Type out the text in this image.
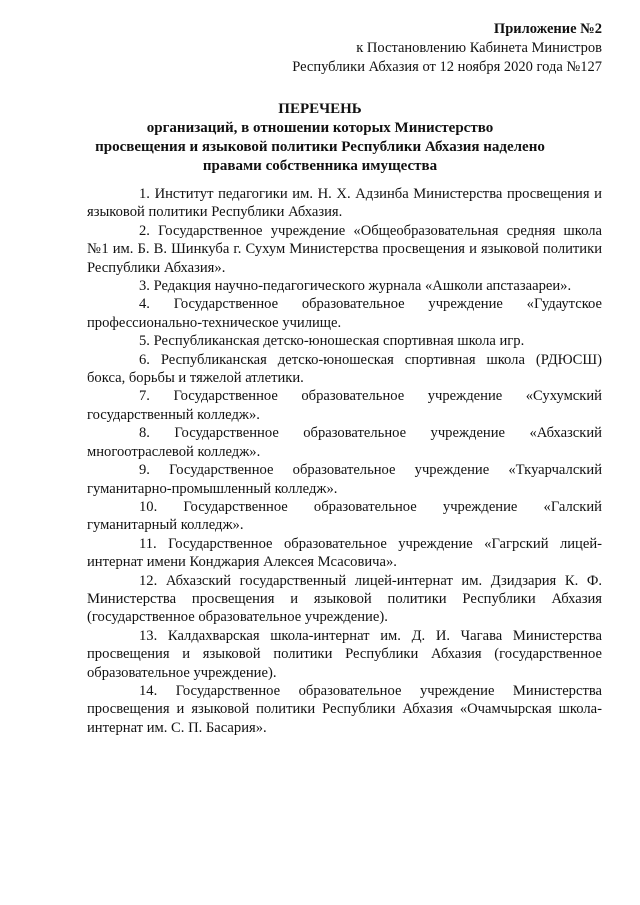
Приложение №2
к Постановлению Кабинета Министров
Республики Абхазия от 12 ноября 2020 года №127
ПЕРЕЧЕНЬ
организаций, в отношении которых Министерство
просвещения и языковой политики Республики Абхазия наделено
правами собственника имущества

1. Институт педагогики им. Н. Х. Адзинба Министерства просвещения и языковой политики Республики Абхазия.

2. Государственное учреждение «Общеобразовательная средняя школа №1 им. Б. В. Шинкуба г. Сухум Министерства просвещения и языковой политики Республики Абхазия».

3. Редакция научно-педагогического журнала «Ашколи апстазаареи».

4. Государственное образовательное учреждение «Гудаутское профессионально-техническое училище.

5. Республиканская детско-юношеская спортивная школа игр.

6. Республиканская детско-юношеская спортивная школа (РДЮСШ) бокса, борьбы и тяжелой атлетики.

7. Государственное образовательное учреждение «Сухумский государственный колледж».

8. Государственное образовательное учреждение «Абхазский многоотраслевой колледж».

9. Государственное образовательное учреждение «Ткуарчалский гуманитарно-промышленный колледж».

10. Государственное образовательное учреждение «Галский гуманитарный колледж».

11. Государственное образовательное учреждение «Гагрский лицей-интернат имени Конджария Алексея Мсасовича».

12. Абхазский государственный лицей-интернат им. Дзидзария К. Ф. Министерства просвещения и языковой политики Республики Абхазия (государственное образовательное учреждение).

13. Калдахварская школа-интернат им. Д. И. Чагава Министерства просвещения и языковой политики Республики Абхазия (государственное образовательное учреждение).

14. Государственное образовательное учреждение Министерства просвещения и языковой политики Республики Абхазия «Очамчырская школа-интернат им. С. П. Басария».
